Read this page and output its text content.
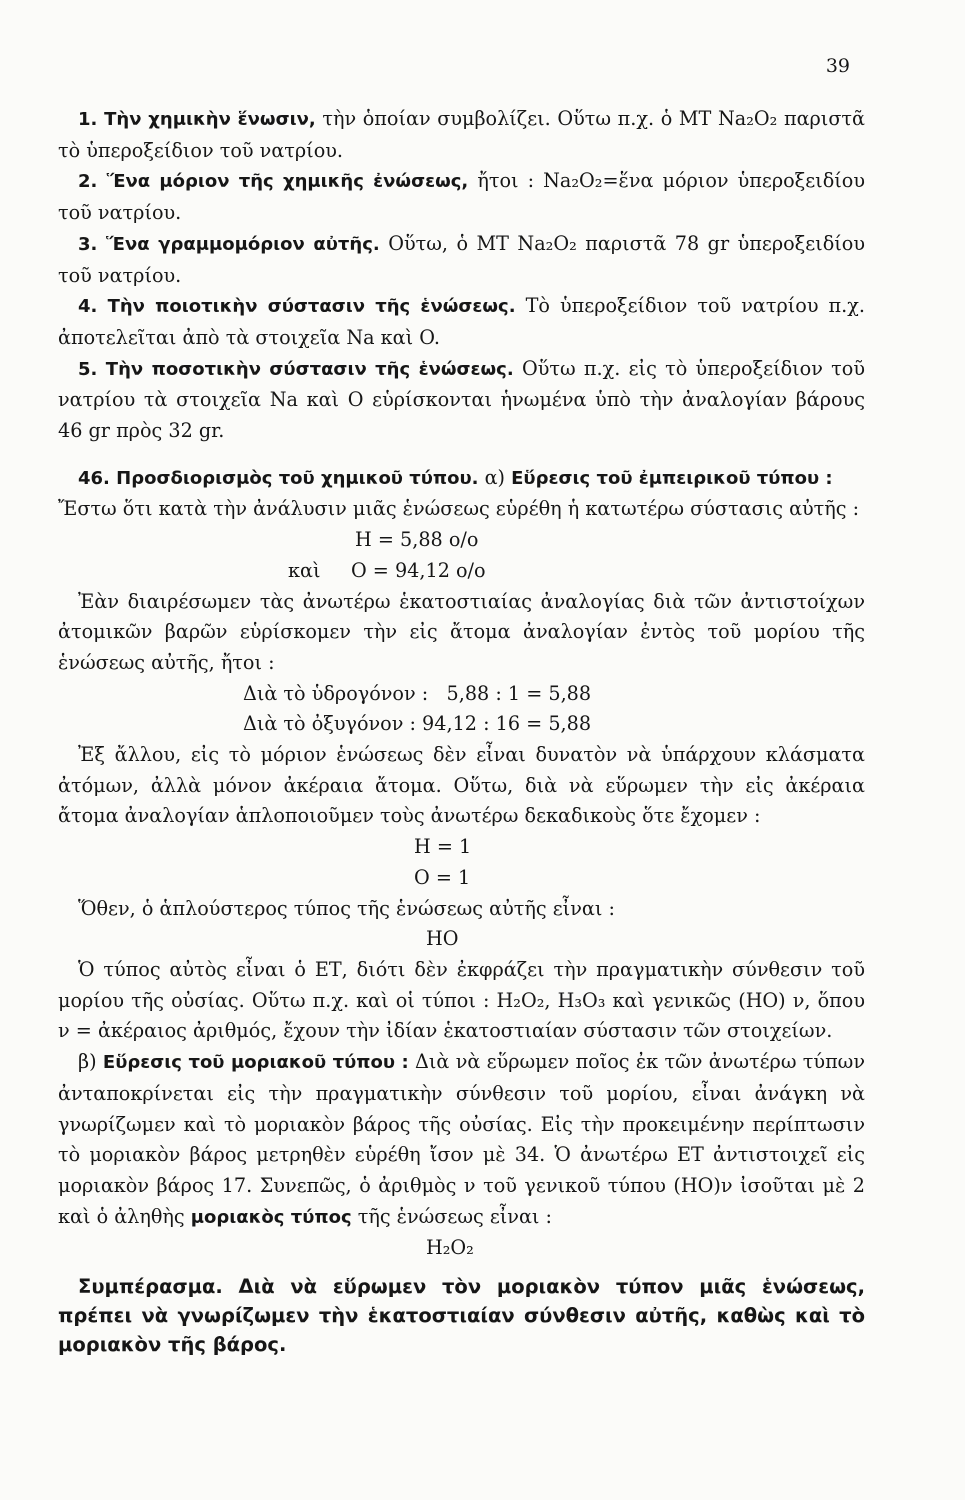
39

1. Τὴν χημικὴν ἕνωσιν, τὴν ὁποίαν συμβολίζει. Οὕτω π.χ. ὁ ΜΤ Na₂O₂ παριστᾶ τὸ ὑπεροξείδιον τοῦ νατρίου.

2. Ἕνα μόριον τῆς χημικῆς ἐνώσεως, ἤτοι : Na₂O₂=ἕνα μόριον ὑπεροξειδίου τοῦ νατρίου.

3. Ἕνα γραμμομόριον αὐτῆς. Οὕτω, ὁ ΜΤ Na₂O₂ παριστᾶ 78 gr ὑπεροξειδίου τοῦ νατρίου.

4. Τὴν ποιοτικὴν σύστασιν τῆς ἑνώσεως. Τὸ ὑπεροξείδιον τοῦ νατρίου π.χ. ἀποτελεῖται ἀπὸ τὰ στοιχεῖα Na καὶ O.

5. Τὴν ποσοτικὴν σύστασιν τῆς ἑνώσεως. Οὕτω π.χ. εἰς τὸ ὑπεροξείδιον τοῦ νατρίου τὰ στοιχεῖα Na καὶ O εὑρίσκονται ἡνωμένα ὑπὸ τὴν ἀναλογίαν βάρους 46 gr πρὸς 32 gr.

46. Προσδιορισμὸς τοῦ χημικοῦ τύπου. α) Εὕρεσις τοῦ ἐμπειρικοῦ τύπου :

Ἔστω ὅτι κατὰ τὴν ἀνάλυσιν μιᾶς ἑνώσεως εὑρέθη ἡ κατωτέρω σύστασις αὐτῆς :

H = 5,88 ο/ο

καὶ     O = 94,12 ο/ο

Ἐὰν διαιρέσωμεν τὰς ἀνωτέρω ἑκατοστιαίας ἀναλογίας διὰ τῶν ἀντιστοίχων ἀτομικῶν βαρῶν εὑρίσκομεν τὴν εἰς ἄτομα ἀναλογίαν ἐντὸς τοῦ μορίου τῆς ἑνώσεως αὐτῆς, ἤτοι :

Διὰ τὸ ὑδρογόνον :   5,88 : 1 = 5,88

Διὰ τὸ ὀξυγόνον : 94,12 : 16 = 5,88

Ἐξ ἄλλου, εἰς τὸ μόριον ἑνώσεως δὲν εἶναι δυνατὸν νὰ ὑπάρχουν κλάσματα ἀτόμων, ἀλλὰ μόνον ἀκέραια ἄτομα. Οὕτω, διὰ νὰ εὕρωμεν τὴν εἰς ἀκέραια ἄτομα ἀναλογίαν ἁπλοποιοῦμεν τοὺς ἀνωτέρω δεκαδικοὺς ὅτε ἔχομεν :

H = 1

O = 1

Ὅθεν, ὁ ἁπλούστερος τύπος τῆς ἑνώσεως αὐτῆς εἶναι :

HO

Ὁ τύπος αὐτὸς εἶναι ὁ ΕΤ, διότι δὲν ἐκφράζει τὴν πραγματικὴν σύνθεσιν τοῦ μορίου τῆς οὐσίας. Οὕτω π.χ. καὶ οἱ τύποι : H₂O₂, H₃O₃ καὶ γενικῶς (HO) ν, ὅπου ν = ἀκέραιος ἀριθμός, ἔχουν τὴν ἰδίαν ἑκατοστιαίαν σύστασιν τῶν στοιχείων.

β) Εὕρεσις τοῦ μοριακοῦ τύπου : Διὰ νὰ εὕρωμεν ποῖος ἐκ τῶν ἀνωτέρω τύπων ἀνταποκρίνεται εἰς τὴν πραγματικὴν σύνθεσιν τοῦ μορίου, εἶναι ἀνάγκη νὰ γνωρίζωμεν καὶ τὸ μοριακὸν βάρος τῆς οὐσίας. Εἰς τὴν προκειμένην περίπτωσιν τὸ μοριακὸν βάρος μετρηθὲν εὑρέθη ἴσον μὲ 34. Ὁ ἀνωτέρω ΕΤ ἀντιστοιχεῖ εἰς μοριακὸν βάρος 17. Συνεπῶς, ὁ ἀριθμὸς ν τοῦ γενικοῦ τύπου (HO)ν ἰσοῦται μὲ 2 καὶ ὁ ἀληθὴς μοριακὸς τύπος τῆς ἑνώσεως εἶναι :

H₂O₂

Συμπέρασμα. Διὰ νὰ εὕρωμεν τὸν μοριακὸν τύπον μιᾶς ἑνώσεως, πρέπει νὰ γνωρίζωμεν τὴν ἑκατοστιαίαν σύνθεσιν αὐτῆς, καθὼς καὶ τὸ μοριακὸν τῆς βάρος.
